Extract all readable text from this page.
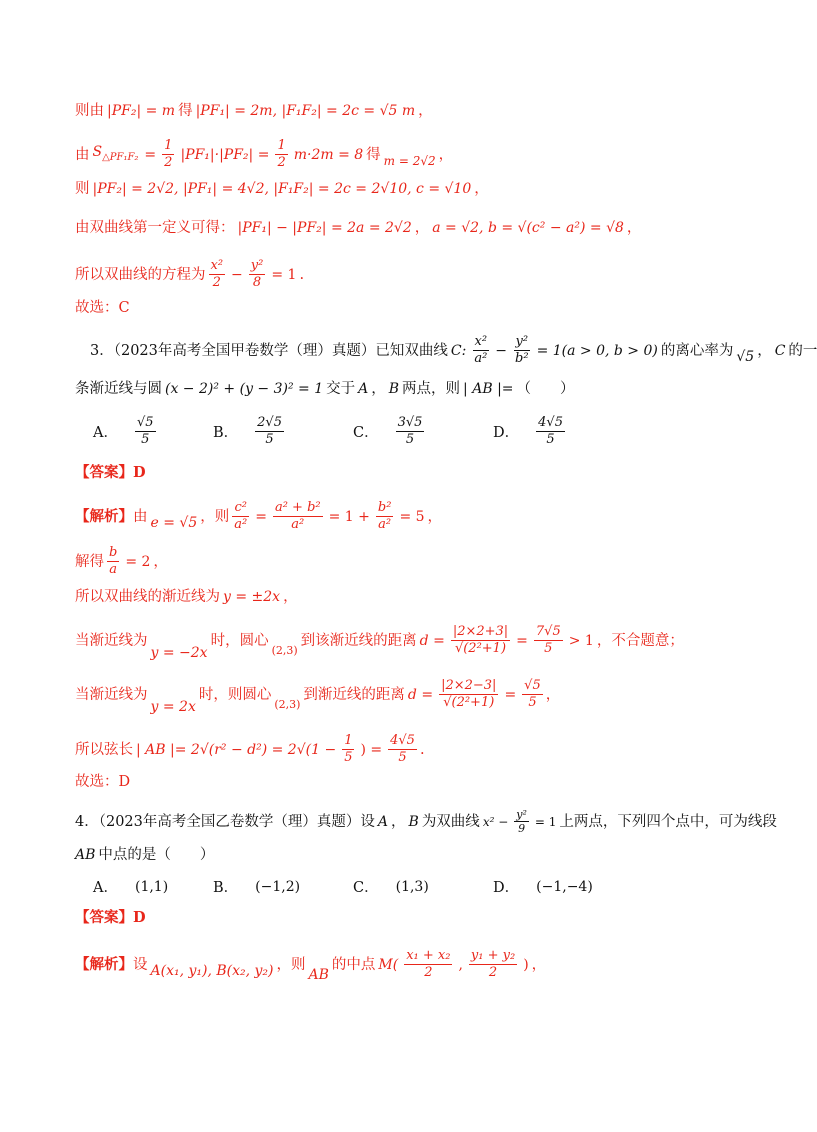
则由 |PF₂| = m 得 |PF₁| = 2m, |F₁F₂| = 2c = √5 m ，
由 $S_{\triangle PF_1F_2} = \frac{1}{2} |PF_1|\cdot|PF_2| = \frac{1}{2} m\cdot 2m = 8$ 得 m = 2√2 ，
则 |PF₂| = 2√2, |PF₁| = 4√2, |F₁F₂| = 2c = 2√10, c = √10 ，
由双曲线第一定义可得： |PF₁| − |PF₂| = 2a = 2√2 ， a = √2, b = √(c² − a²) = √8 ，
所以双曲线的方程为 $\frac{\text{x²}}{2} - \frac{\text{y²}}{8} = 1$ .
故选：C
3．（2023年高考全国甲卷数学（理）真题）已知双曲线 C: $\frac{\text{x²}}{\text{a²}} - \frac{\text{y²}}{\text{b²}} = 1(a > 0$, b > 0) 的离心率为 √5 ， C 的一
条渐近线与圆 (x − 2)² + (y − 3)² = 1 交于 A ， B 两点，则 | AB |= （　　）
A． $\frac{√5}{5}$	B． $\frac{2√5}{5}$	C． $\frac{3√5}{5}$	D． $\frac{4√5}{5}$
【答案】 D
【解析】 由 e = √5 ，则 $\frac{\text{c²}}{\text{a²}} = \frac{\text{a² + b²}}{\text{a²}} = 1 + \frac{\text{b²}}{\text{a²}} = 5$ ，
解得 $\frac{b}{a} = 2$ ，
所以双曲线的渐近线为 y = ±2x ，
当渐近线为
y = −2x
时，圆心
(2,3)
到该渐近线的距离 $d = \frac{|2\times 2+3|}{\text{√(2²+1)}} = \frac{7√5}{5} > 1$ ，不合题意；
当渐近线为
y = 2x
时，则圆心
(2,3)
到渐近线的距离 $d = \frac{|2\times 2-3|}{\text{√(2²+1)}} = \frac{√5}{5}$ ，
所以弦长 | AB |= $2√(r^2 - d^2) = 2√(1 - \frac{1}{5}$ ) = $\frac{4√5}{5}$ .
故选：D
4．（2023年高考全国乙卷数学（理）真题）设 A ， B 为双曲线 $x^2 - \frac{\text{y²}}{9} = 1$ 上两点，下列四个点中，可为线段
AB 中点的是（　　）
A． (1,1)	B． (−1,2)	C． (1,3)	D． (−1,−4)
【答案】 D
【解析】 设 A(x₁, y₁), B(x₂, y₂) ，则
AB
的中点 $M( \frac{\text{x₁ + x₂}}{2}$ , $\frac{\text{y₁ + y₂}}{2}$ ) ，
